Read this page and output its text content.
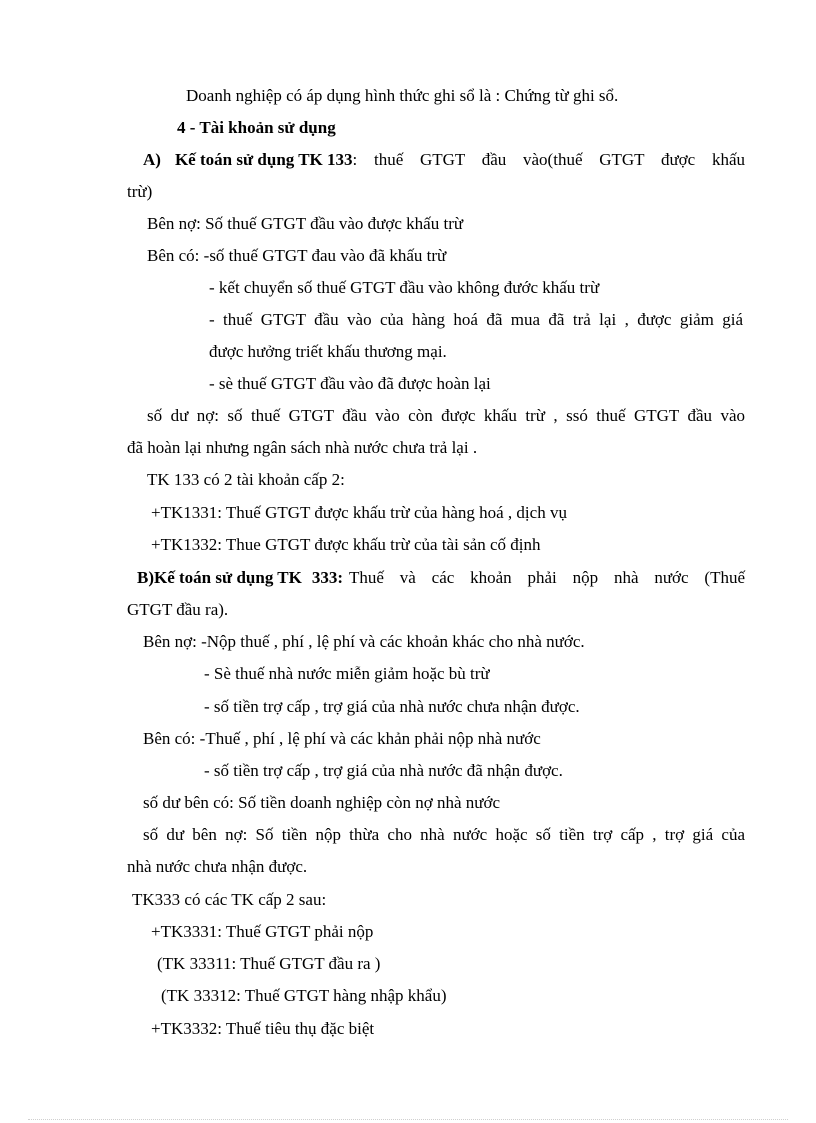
Doanh nghiệp có áp dụng hình thức ghi sổ là : Chứng từ ghi sổ.
4 - Tài khoản sử dụng
A) Kế toán sử dụng TK 133 : thuế GTGT đầu vào(thuế GTGT được khấu
trừ)
Bên nợ: Số thuế GTGT đầu vào được khấu trừ
Bên có: -số thuế GTGT đau vào đã khấu trừ
- kết chuyển số thuế GTGT đầu vào không đước khấu trừ
- thuế GTGT đầu vào của hàng hoá đã mua đã trả lại , được giảm giá
được hưởng triết khấu thương mại.
- sè thuế GTGT đầu vào đã được hoàn lại
số dư nợ: số thuế GTGT đầu vào còn được khấu trừ , ssó thuế GTGT đầu vào
đã hoàn lại nhưng ngân sách nhà nước chưa trả lại .
TK 133 có 2 tài khoản cấp 2:
+TK1331: Thuế GTGT được khấu trừ của hàng hoá , dịch vụ
+TK1332: Thue GTGT được khấu trừ của tài sản cố định
B)Kế toán sử dụng TK 333: Thuế và các khoản phải nộp nhà nước (Thuế
GTGT đầu ra).
Bên nợ: -Nộp thuế , phí , lệ phí và các khoản khác cho nhà nước.
- Sè thuế nhà nước miễn giảm hoặc bù trừ
- số tiền trợ cấp , trợ giá của nhà nước chưa nhận được.
Bên có: -Thuế , phí , lệ phí và các khản phải nộp nhà nước
- số tiền trợ cấp , trợ giá của nhà nước đã nhận được.
số dư bên có: Số tiền doanh nghiệp còn nợ nhà nước
số dư bên nợ: Số tiền nộp thừa cho nhà nước hoặc số tiền trợ cấp , trợ giá của
nhà nước chưa nhận được.
TK333 có các TK cấp 2 sau:
+TK3331: Thuế GTGT phải nộp
(TK 33311: Thuế GTGT đầu ra )
(TK 33312: Thuế GTGT hàng nhập khẩu)
+TK3332: Thuế tiêu thụ đặc biệt
